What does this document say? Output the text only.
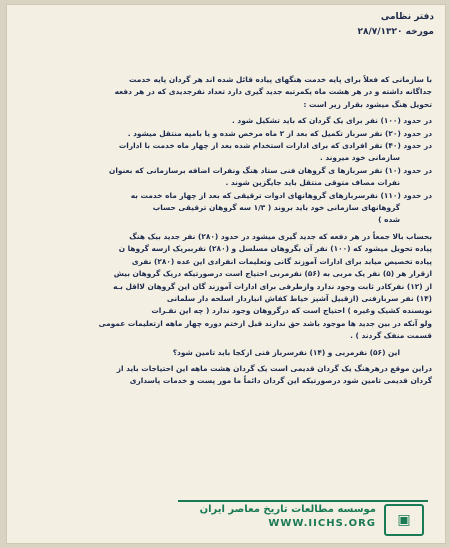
دفتر نظامی
مورخه ۲۸/۷/۱۳۲۰
با سازمانی که فعلاً برای پایه خدمت هنگهای پیاده قائل شده اند هر گردان پایه خدمت
جداگانه داشته و در هر هشت ماه یکمرتبه جدید گیری دارد تعداد نفرجدیدی که در هر دفعه
تحویل هنگ میشود بقرار زیر است :
در حدود (۱۰۰) نفر برای یک گردان که باید تشکیل شود .
در حدود (۲۰) نفر سرباز تکمیل که بعد از ۲ ماه مرخص شده و یا بامیه منتقل میشود .
در حدود (۴۰) نفر افرادی که برای ادارات استخدام شده بعد از چهار ماه خدمت با ادارات
سازمانی خود میروند .
در حدود (۱۰) نفر سربازها ی گروهان فنی ستاد هنگ ونفرات اضافه برسازمانی که بعنوان
نفرات مصاف متوقی منتقل باید جایگزین شوند .
در حدود (۱۱۰) نفرسربازهای گروهانهای ادوات ترقیقی که بعد از چهار ماه خدمت به
گروهانهای سازمانی خود باید بروند ( ۱/۳ سه گروهان ترقیقی حساب
شده )
بحساب بالا جمعاً در هر دفعه که جدید گیری میشود در حدود (۲۸۰) نفر جدید بیک هنگ
پیاده تحویل میشود که (۱۰۰) نفر آن بگروهان مسلسل و (۲۸۰) نفرببریک ازسه گروها ن
پیاده تخصیص میابد برای ادارات آموزند گانی وتعلیمات انفرادی این عده (۲۸۰) نفری
ازقرار هر (۵) نفر یک مربی به (۵۶) نفرمربی احتیاج است درصورتیکه دریک گروهان بیش
از (۱۲) نفرکادر ثابت وجود ندارد وازطرفی برای ادارات آموزند گان این گروهان لااقل بـه
(۱۴) نفر سربازفنی (ازقبیل آشپز خیاط کفاش انباردار اسلحه دار سلمانی
نویسنده کشیک وغیره ) احتیاج است که درگروهان وجود ندارد ( چه این نفـرات
ولو آنکه در بین جدید ها موجود باشد حق ندارند قبل ازختم دوره چهار ماهه ازتعلیمات عمومی
قسمت منفک گردند ) .
این (۵۶) نفرمربی و (۱۴) نفرسرباز فنی ازکجا باید تامین شود؟
دراین موقع درهرهنگ یک گردان قدیمی است یک گردان هشت ماهه این احتیاجات باید از
گردان قدیمی تامین شود درصورتیکه این گردان دائماً ما مور پست و خدمات پاسداری
▣
موسسه مطالعات تاریخ معاصر ایران
WWW.IICHS.ORG
